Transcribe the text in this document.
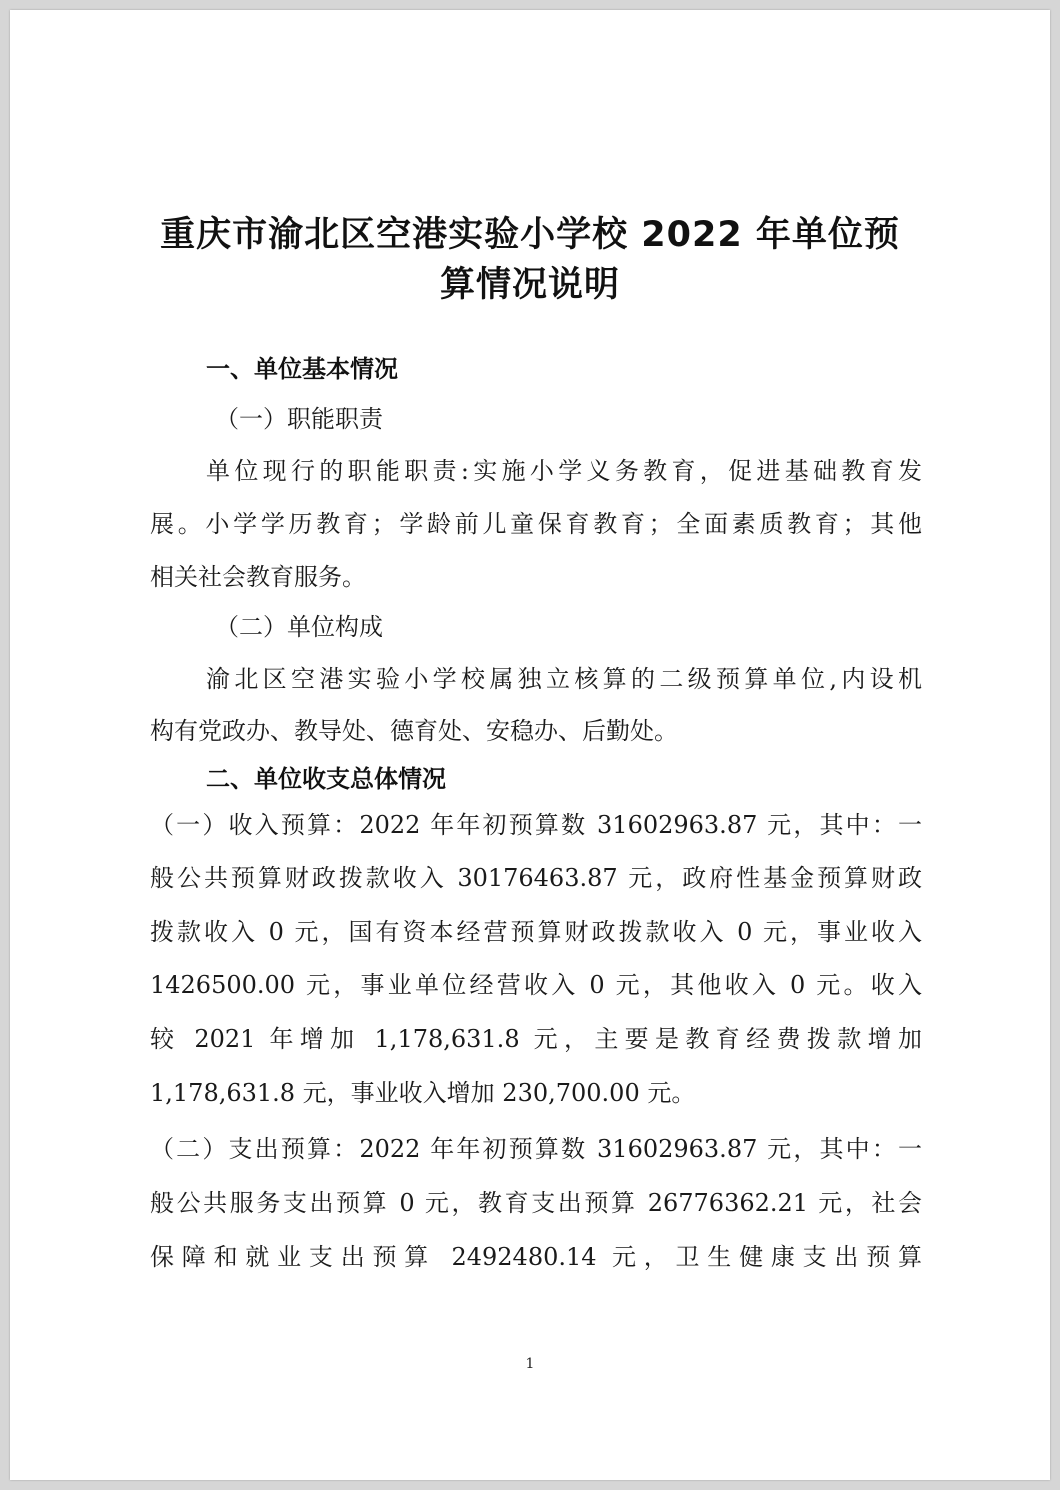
重庆市渝北区空港实验小学校 2022 年单位预
算情况说明
一、单位基本情况
（一）职能职责
单位现行的职能职责:实施小学义务教育，促进基础教育发
展。小学学历教育；学龄前儿童保育教育；全面素质教育；其他
相关社会教育服务。
（二）单位构成
渝北区空港实验小学校属独立核算的二级预算单位,内设机
构有党政办、教导处、德育处、安稳办、后勤处。
二、单位收支总体情况
（一）收入预算：2022 年年初预算数 31602963.87 元，其中：一
般公共预算财政拨款收入 30176463.87 元，政府性基金预算财政
拨款收入 0 元，国有资本经营预算财政拨款收入 0 元，事业收入
1426500.00 元，事业单位经营收入 0 元，其他收入 0 元。收入
较 2021 年增加 1,178,631.8 元，主要是教育经费拨款增加
1,178,631.8 元，事业收入增加 230,700.00 元。
（二）支出预算：2022 年年初预算数 31602963.87 元，其中：一
般公共服务支出预算 0 元，教育支出预算 26776362.21 元，社会
保障和就业支出预算 2492480.14 元，卫生健康支出预算
1
